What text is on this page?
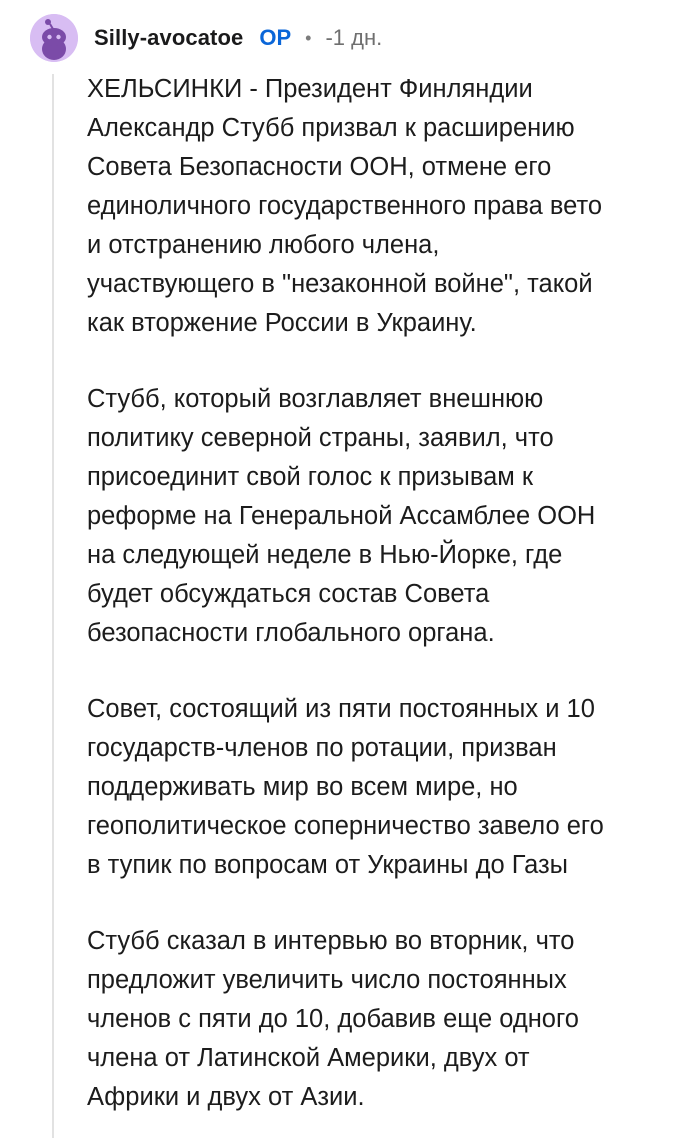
Silly-avocatoe OP • -1 дн.

ХЕЛЬСИНКИ - Президент Финляндии
Александр Стубб призвал к расширению
Совета Безопасности ООН, отмене его
единоличного государственного права вето
и отстранению любого члена,
участвующего в "незаконной войне", такой
как вторжение России в Украину.

Стубб, который возглавляет внешнюю
политику северной страны, заявил, что
присоединит свой голос к призывам к
реформе на Генеральной Ассамблее ООН
на следующей неделе в Нью-Йорке, где
будет обсуждаться состав Совета
безопасности глобального органа.

Совет, состоящий из пяти постоянных и 10
государств-членов по ротации, призван
поддерживать мир во всем мире, но
геополитическое соперничество завело его
в тупик по вопросам от Украины до Газы

Стубб сказал в интервью во вторник, что
предложит увеличить число постоянных
членов с пяти до 10, добавив еще одного
члена от Латинской Америки, двух от
Африки и двух от Азии.
